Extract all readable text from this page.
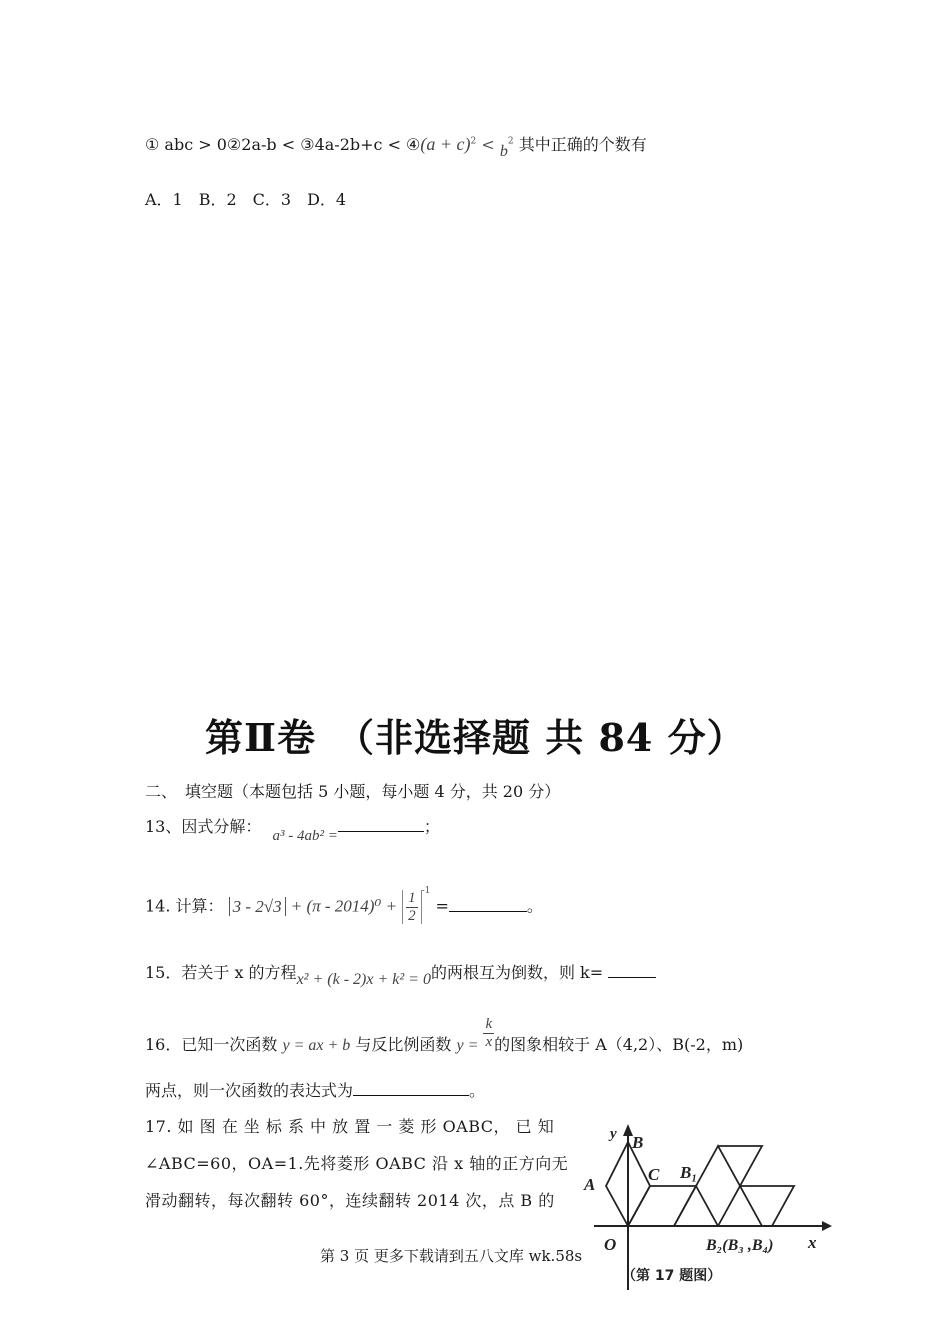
① abc > 0②2a-b < ③4a-2b+c < ④(a + $c)^2 < b^2$ 其中正确的个数有
A．1　B．2　C．3　D．4
第Ⅱ卷　（非选择题 共 84 分）
二、　填空题（本题包括 5 小题，每小题 4 分，共 20 分）
13、因式分解： a³ - 4ab² =	；
14. 计算： $3 - 2√3 + (\pi - 2014)^0 + \frac{1}{2} ^{-1}$ =	。
15．若关于 x 的方程x² + (k - 2)x + k² = 0的两根互为倒数，则 k=
16．已知一次函数 y = ax + b 与反比例函数 $y = \frac{k}{x}$ 的图象相较于 A（4,2）、B(-2，m)
两点，则一次函数的表达式为	。
17. 如 图 在 坐 标 系 中 放 置 一 菱 形 OABC， 已 知
∠ABC=60，OA=1.先将菱形 OABC 沿 x 轴的正方向无
滑动翻转，每次翻转 60°，连续翻转 2014 次，点 B 的
y B
A
C B₁
O	B₂(B₃ ,B₄) x
（第 17 题图）
第 3 页 更多下载请到五八文库 wk.58s
